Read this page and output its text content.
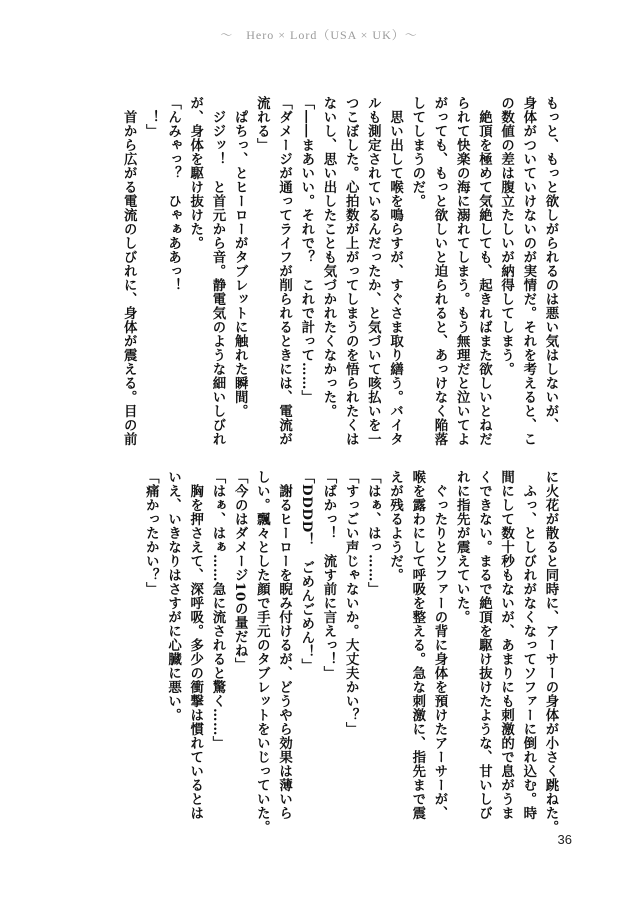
～　Hero × Lord（USA × UK）～
もっと、もっと欲しがられるのは悪い気はしないが、
身体がついていけないのが実情だ。それを考えると、こ
の数値の差は腹立たしいが納得してしまう。
　絶頂を極めて気絶しても、起きればまた欲しいとねだ
られて快楽の海に溺れてしまう。もう無理だと泣いてよ
がっても、もっと欲しいと迫られると、あっけなく陥落
してしまうのだ。
　思い出して喉を鳴らすが、すぐさま取り繕う。バイタ
ルも測定されているんだったか、と気づいて咳払いを一
つこぼした。心拍数が上がってしまうのを悟られたくは
ないし、思い出したことも気づかれたくなかった。
「――まあいい。それで？　これで計って……」
「ダメージが通ってライフが削られるときには、電流が
流れる」
　ぱちっ、とヒーローがタブレットに触れた瞬間。
　ジジッ！　と首元から音。静電気のような細いしびれ
が、身体を駆け抜けた。
「んみゃっ？　ひゃぁああっ！
　！」
　首から広がる電流のしびれに、身体が震える。目の前
に火花が散ると同時に、アーサーの身体が小さく跳ねた。
　ふっ、としびれがなくなってソファーに倒れ込む。時
間にして数十秒もないが、あまりにも刺激的で息がうま
くできない。まるで絶頂を駆け抜けたような、甘いしび
れに指先が震えていた。
　ぐったりとソファーの背に身体を預けたアーサーが、
喉を露わにして呼吸を整える。急な刺激に、指先まで震
えが残るようだ。
「はぁ、はっ……」
「すっごい声じゃないか。大丈夫かい？」
「ばかっ！　流す前に言えっ！」
「DDDD！　ごめんごめん！」
　謝るヒーローを睨み付けるが、どうやら効果は薄いら
しい。飄々とした顔で手元のタブレットをいじっていた。
「今のはダメージ10の量だね」
「はぁ、はぁ……急に流されると驚く……」
　胸を押さえて、深呼吸。多少の衝撃は慣れているとは
いえ、いきなりはさすがに心臓に悪い。
「痛かったかい？」
36
